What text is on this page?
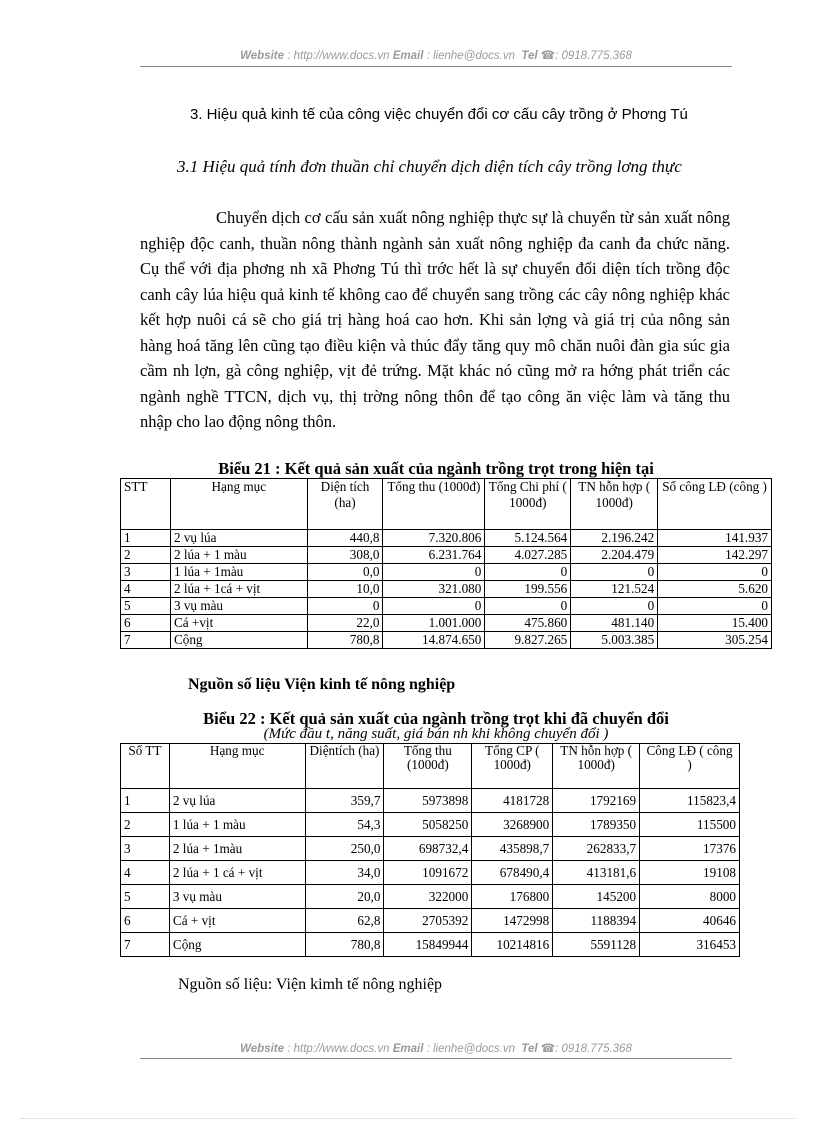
Website : http://www.docs.vn Email : lienhe@docs.vn Tel ☎: 0918.775.368
3. Hiệu quả kinh tế của công việc chuyển đổi cơ cấu cây trồng ở Phơng Tú
3.1 Hiệu quả tính đơn thuần chỉ chuyển dịch diện tích cây trồng lơng thực
Chuyển dịch cơ cấu sản xuất nông nghiệp thực sự là chuyển từ sản xuất nông nghiệp độc canh, thuần nông thành ngành sản xuất nông nghiệp đa canh đa chức năng. Cụ thể với địa phơng nh xã Phơng Tú thì trớc hết là sự chuyển đổi diện tích trồng độc canh cây lúa hiệu quả kinh tế không cao để chuyển sang trồng các cây nông nghiệp khác kết hợp nuôi cá sẽ cho giá trị hàng hoá cao hơn. Khi sản lợng và giá trị của nông sản hàng hoá tăng lên cũng tạo điều kiện và thúc đẩy tăng quy mô chăn nuôi đàn gia súc gia cầm nh lợn, gà công nghiệp, vịt đẻ trứng. Mặt khác nó cũng mở ra hớng phát triển các ngành nghề TTCN, dịch vụ, thị trờng nông thôn để tạo công ăn việc làm và tăng thu nhập cho lao động nông thôn.
Biểu 21 : Kết quả sản xuất của ngành trồng trọt trong hiện tại
STT	Hạng mục	Diện tích (ha)	Tổng thu (1000đ)	Tổng Chi phí ( 1000đ)	TN hỗn hợp ( 1000đ)	Số công LĐ (công )
1	2 vụ lúa	440,8	7.320.806	5.124.564	2.196.242	141.937
2	2 lúa + 1 màu	308,0	6.231.764	4.027.285	2.204.479	142.297
3	1 lúa + 1màu	0,0	0	0	0	0
4	2 lúa + 1cá + vịt	10,0	321.080	199.556	121.524	5.620
5	3 vụ màu	0	0	0	0	0
6	Cá +vịt	22,0	1.001.000	475.860	481.140	15.400
7	Cộng	780,8	14.874.650	9.827.265	5.003.385	305.254
Nguồn số liệu Viện kinh tế nông nghiệp
Biểu 22 : Kết quả sản xuất của ngành trồng trọt khi đã chuyển đổi
(Mức đầu t, năng suất, giá bán nh khi không chuyển đổi )
Số TT	Hạng mục	Diệntích (ha)	Tổng thu (1000đ)	Tổng CP ( 1000đ)	TN hỗn hợp ( 1000đ)	Công LĐ ( công )
1	2 vụ lúa	359,7	5973898	4181728	1792169	115823,4
2	1 lúa + 1 màu	54,3	5058250	3268900	1789350	115500
3	2 lúa + 1màu	250,0	698732,4	435898,7	262833,7	17376
4	2 lúa + 1 cá + vịt	34,0	1091672	678490,4	413181,6	19108
5	3 vụ màu	20,0	322000	176800	145200	8000
6	Cá + vịt	62,8	2705392	1472998	1188394	40646
7	Cộng	780,8	15849944	10214816	5591128	316453
Nguồn số liệu: Viện kimh tế nông nghiệp
Website : http://www.docs.vn Email : lienhe@docs.vn Tel ☎: 0918.775.368
